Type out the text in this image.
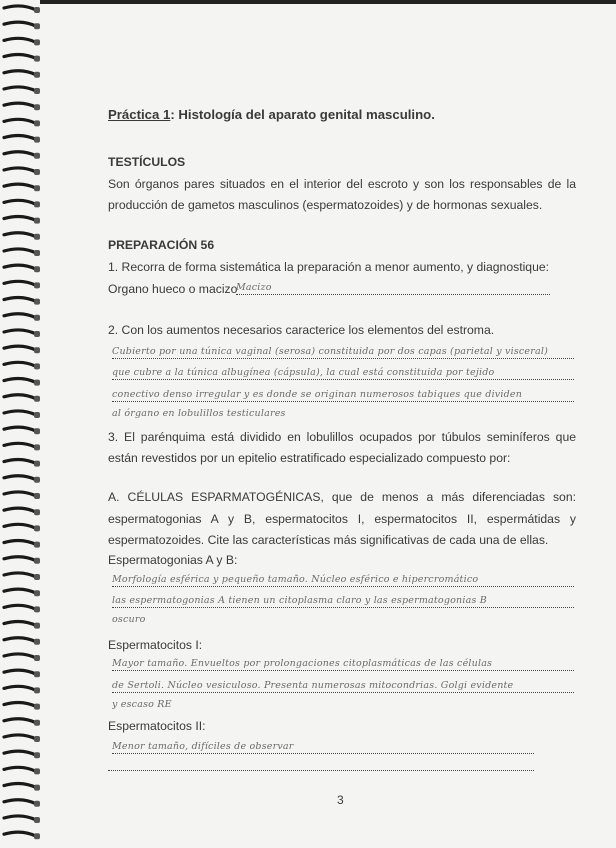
Práctica 1: Histología del aparato genital masculino.
TESTÍCULOS
Son órganos pares situados en el interior del escroto y son los responsables de la
producción de gametos masculinos (espermatozoides) y de hormonas sexuales.
PREPARACIÓN 56
1. Recorra de forma sistemática la preparación a menor aumento, y diagnostique:
Organo hueco o macizo
Macizo
2. Con los aumentos necesarios caracterice los elementos del estroma.
Cubierto por una túnica vaginal (serosa) constituida por dos capas (parietal y visceral)
que cubre a la túnica albugínea (cápsula), la cual está constituida por tejido
conectivo denso irregular y es donde se originan numerosos tabiques que dividen
al órgano en lobulillos testiculares
3. El parénquima está dividido en lobulillos ocupados por túbulos seminíferos que
están revestidos por un epitelio estratificado especializado compuesto por:
A. CÉLULAS ESPARMATOGÉNICAS, que de menos a más diferenciadas son:
espermatogonias A y B, espermatocitos I, espermatocitos II, espermátidas y
espermatozoides. Cite las características más significativas de cada una de ellas.
Espermatogonias A y B:
Morfología esférica y pequeño tamaño. Núcleo esférico e hipercromático
las espermatogonias A tienen un citoplasma claro y las espermatogonias B
oscuro
Espermatocitos I:
Mayor tamaño. Envueltos por prolongaciones citoplasmáticas de las células
de Sertoli. Núcleo vesiculoso. Presenta numerosas mitocondrias. Golgi evidente
y escaso RE
Espermatocitos II:
Menor tamaño, difíciles de observar
3
